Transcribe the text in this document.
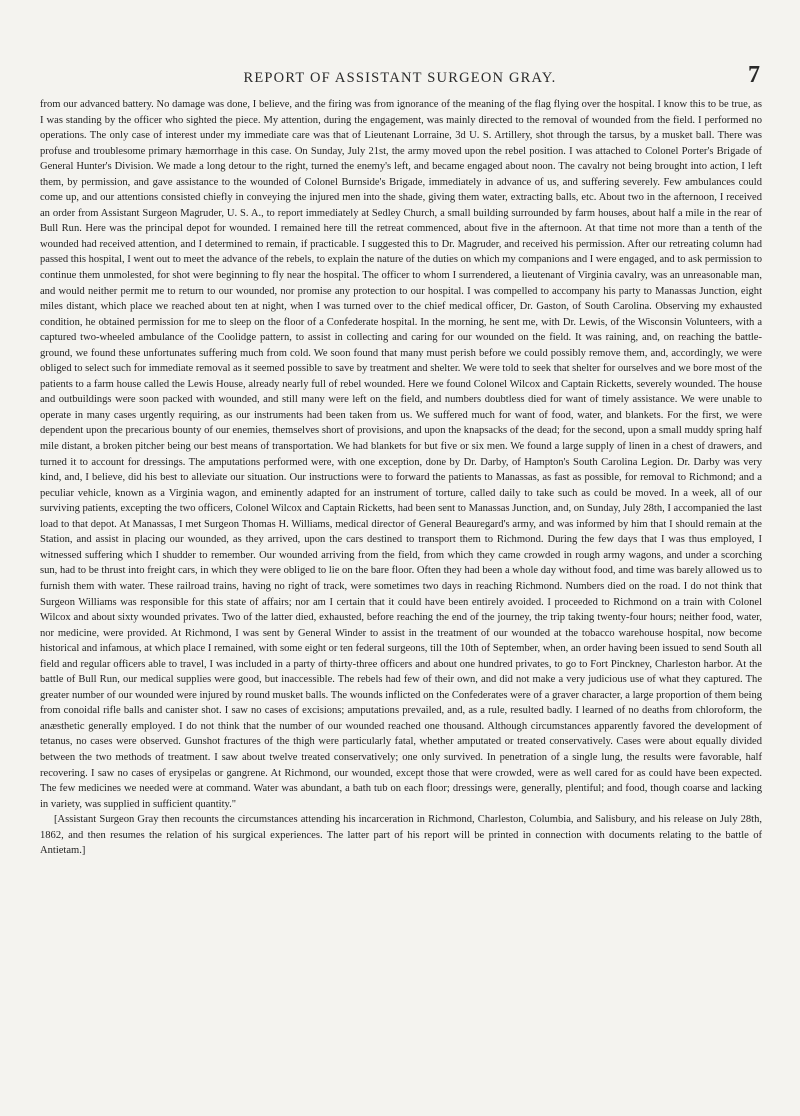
REPORT OF ASSISTANT SURGEON GRAY.	7

from our advanced battery. No damage was done, I believe, and the firing was from ignorance of the meaning of the flag flying over the hospital. I know this to be true, as I was standing by the officer who sighted the piece. My attention, during the engagement, was mainly directed to the removal of wounded from the field. I performed no operations. The only case of interest under my immediate care was that of Lieutenant Lorraine, 3d U. S. Artillery, shot through the tarsus, by a musket ball. There was profuse and troublesome primary hæmorrhage in this case. On Sunday, July 21st, the army moved upon the rebel position. I was attached to Colonel Porter's Brigade of General Hunter's Division. We made a long detour to the right, turned the enemy's left, and became engaged about noon. The cavalry not being brought into action, I left them, by permission, and gave assistance to the wounded of Colonel Burnside's Brigade, immediately in advance of us, and suffering severely. Few ambulances could come up, and our attentions consisted chiefly in conveying the injured men into the shade, giving them water, extracting balls, etc. About two in the afternoon, I received an order from Assistant Surgeon Magruder, U. S. A., to report immediately at Sedley Church, a small building surrounded by farm houses, about half a mile in the rear of Bull Run. Here was the principal depot for wounded. I remained here till the retreat commenced, about five in the afternoon. At that time not more than a tenth of the wounded had received attention, and I determined to remain, if practicable. I suggested this to Dr. Magruder, and received his permission. After our retreating column had passed this hospital, I went out to meet the advance of the rebels, to explain the nature of the duties on which my companions and I were engaged, and to ask permission to continue them unmolested, for shot were beginning to fly near the hospital. The officer to whom I surrendered, a lieutenant of Virginia cavalry, was an unreasonable man, and would neither permit me to return to our wounded, nor promise any protection to our hospital. I was compelled to accompany his party to Manassas Junction, eight miles distant, which place we reached about ten at night, when I was turned over to the chief medical officer, Dr. Gaston, of South Carolina. Observing my exhausted condition, he obtained permission for me to sleep on the floor of a Confederate hospital. In the morning, he sent me, with Dr. Lewis, of the Wisconsin Volunteers, with a captured two-wheeled ambulance of the Coolidge pattern, to assist in collecting and caring for our wounded on the field. It was raining, and, on reaching the battle-ground, we found these unfortunates suffering much from cold. We soon found that many must perish before we could possibly remove them, and, accordingly, we were obliged to select such for immediate removal as it seemed possible to save by treatment and shelter. We were told to seek that shelter for ourselves and we bore most of the patients to a farm house called the Lewis House, already nearly full of rebel wounded. Here we found Colonel Wilcox and Captain Ricketts, severely wounded. The house and outbuildings were soon packed with wounded, and still many were left on the field, and numbers doubtless died for want of timely assistance. We were unable to operate in many cases urgently requiring, as our instruments had been taken from us. We suffered much for want of food, water, and blankets. For the first, we were dependent upon the precarious bounty of our enemies, themselves short of provisions, and upon the knapsacks of the dead; for the second, upon a small muddy spring half mile distant, a broken pitcher being our best means of transportation. We had blankets for but five or six men. We found a large supply of linen in a chest of drawers, and turned it to account for dressings. The amputations performed were, with one exception, done by Dr. Darby, of Hampton's South Carolina Legion. Dr. Darby was very kind, and, I believe, did his best to alleviate our situation. Our instructions were to forward the patients to Manassas, as fast as possible, for removal to Richmond; and a peculiar vehicle, known as a Virginia wagon, and eminently adapted for an instrument of torture, called daily to take such as could be moved. In a week, all of our surviving patients, excepting the two officers, Colonel Wilcox and Captain Ricketts, had been sent to Manassas Junction, and, on Sunday, July 28th, I accompanied the last load to that depot. At Manassas, I met Surgeon Thomas H. Williams, medical director of General Beauregard's army, and was informed by him that I should remain at the Station, and assist in placing our wounded, as they arrived, upon the cars destined to transport them to Richmond. During the few days that I was thus employed, I witnessed suffering which I shudder to remember. Our wounded arriving from the field, from which they came crowded in rough army wagons, and under a scorching sun, had to be thrust into freight cars, in which they were obliged to lie on the bare floor. Often they had been a whole day without food, and time was barely allowed us to furnish them with water. These railroad trains, having no right of track, were sometimes two days in reaching Richmond. Numbers died on the road. I do not think that Surgeon Williams was responsible for this state of affairs; nor am I certain that it could have been entirely avoided. I proceeded to Richmond on a train with Colonel Wilcox and about sixty wounded privates. Two of the latter died, exhausted, before reaching the end of the journey, the trip taking twenty-four hours; neither food, water, nor medicine, were provided. At Richmond, I was sent by General Winder to assist in the treatment of our wounded at the tobacco warehouse hospital, now become historical and infamous, at which place I remained, with some eight or ten federal surgeons, till the 10th of September, when, an order having been issued to send South all field and regular officers able to travel, I was included in a party of thirty-three officers and about one hundred privates, to go to Fort Pinckney, Charleston harbor. At the battle of Bull Run, our medical supplies were good, but inaccessible. The rebels had few of their own, and did not make a very judicious use of what they captured. The greater number of our wounded were injured by round musket balls. The wounds inflicted on the Confederates were of a graver character, a large proportion of them being from conoidal rifle balls and canister shot. I saw no cases of excisions; amputations prevailed, and, as a rule, resulted badly. I learned of no deaths from chloroform, the anæsthetic generally employed. I do not think that the number of our wounded reached one thousand. Although circumstances apparently favored the development of tetanus, no cases were observed. Gunshot fractures of the thigh were particularly fatal, whether amputated or treated conservatively. Cases were about equally divided between the two methods of treatment. I saw about twelve treated conservatively; one only survived. In penetration of a single lung, the results were favorable, half recovering. I saw no cases of erysipelas or gangrene. At Richmond, our wounded, except those that were crowded, were as well cared for as could have been expected. The few medicines we needed were at command. Water was abundant, a bath tub on each floor; dressings were, generally, plentiful; and food, though coarse and lacking in variety, was supplied in sufficient quantity."

[Assistant Surgeon Gray then recounts the circumstances attending his incarceration in Richmond, Charleston, Columbia, and Salisbury, and his release on July 28th, 1862, and then resumes the relation of his surgical experiences. The latter part of his report will be printed in connection with documents relating to the battle of Antietam.]
